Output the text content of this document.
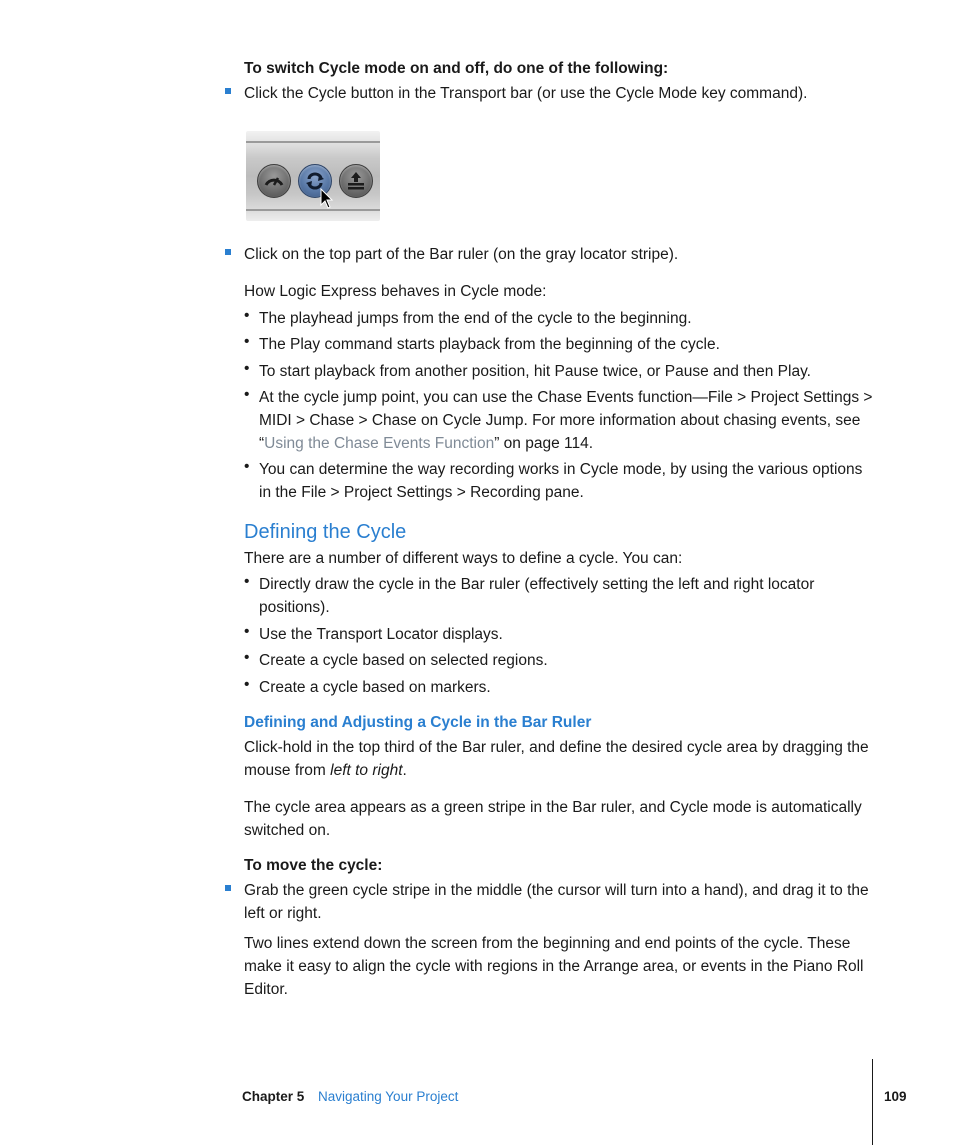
To switch Cycle mode on and off, do one of the following:
Click the Cycle button in the Transport bar (or use the Cycle Mode key command).
Click on the top part of the Bar ruler (on the gray locator stripe).
How Logic Express behaves in Cycle mode:
• The playhead jumps from the end of the cycle to the beginning.
• The Play command starts playback from the beginning of the cycle.
• To start playback from another position, hit Pause twice, or Pause and then Play.
• At the cycle jump point, you can use the Chase Events function—File > Project Settings > MIDI > Chase > Chase on Cycle Jump. For more information about chasing events, see “Using the Chase Events Function” on page 114.
• You can determine the way recording works in Cycle mode, by using the various options in the File > Project Settings > Recording pane.
Defining the Cycle
There are a number of different ways to define a cycle. You can:
• Directly draw the cycle in the Bar ruler (effectively setting the left and right locator positions).
• Use the Transport Locator displays.
• Create a cycle based on selected regions.
• Create a cycle based on markers.
Defining and Adjusting a Cycle in the Bar Ruler
Click-hold in the top third of the Bar ruler, and define the desired cycle area by dragging the mouse from left to right.
The cycle area appears as a green stripe in the Bar ruler, and Cycle mode is automatically switched on.
To move the cycle:
Grab the green cycle stripe in the middle (the cursor will turn into a hand), and drag it to the left or right.
Two lines extend down the screen from the beginning and end points of the cycle. These make it easy to align the cycle with regions in the Arrange area, or events in the Piano Roll Editor.
Chapter 5 Navigating Your Project	109
